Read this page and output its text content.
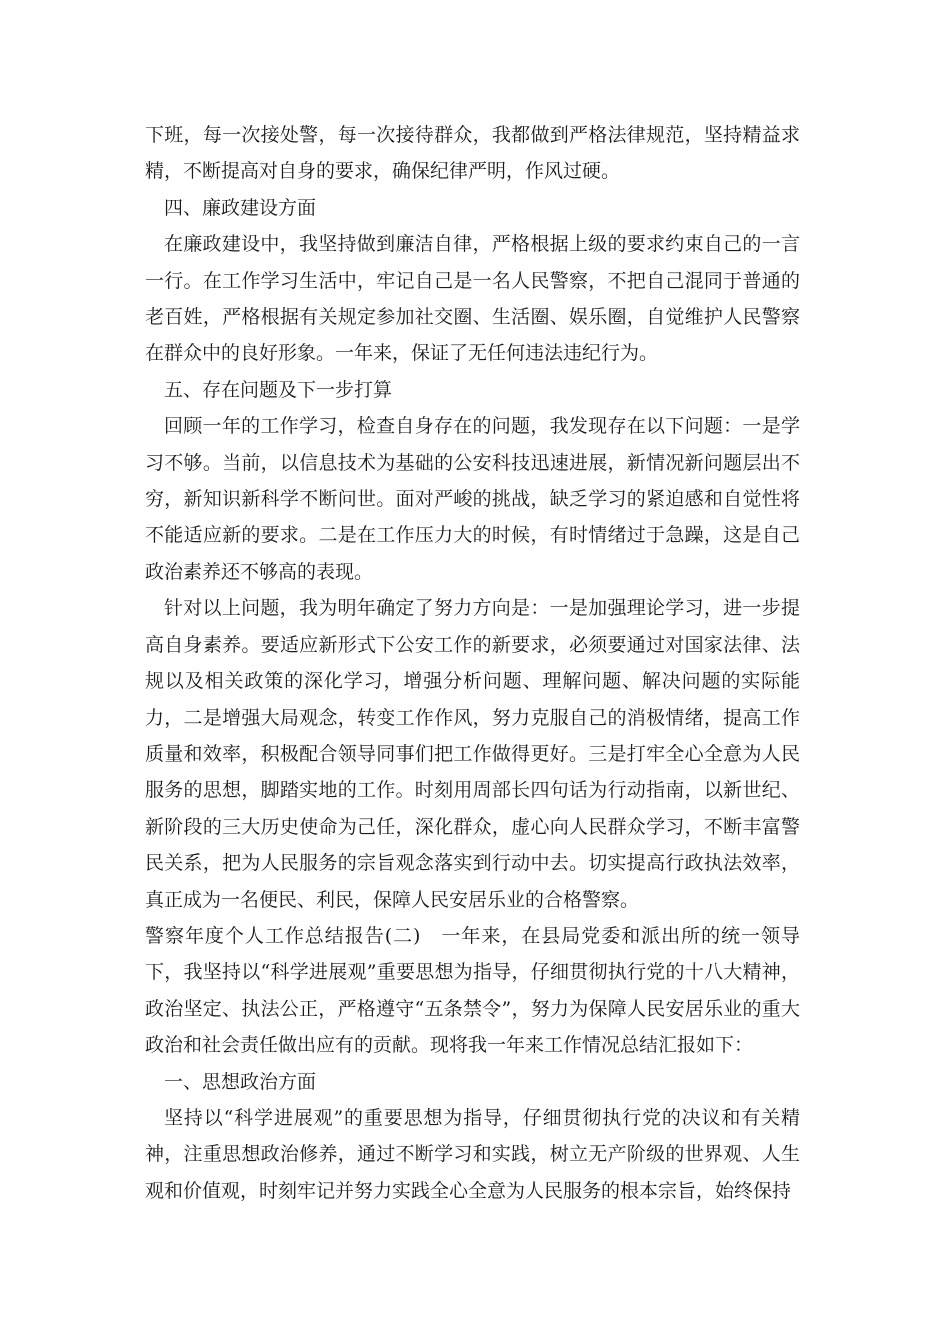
下班，每一次接处警，每一次接待群众，我都做到严格法律规范，坚持精益求精，不断提高对自身的要求，确保纪律严明，作风过硬。

四、廉政建设方面

在廉政建设中，我坚持做到廉洁自律，严格根据上级的要求约束自己的一言一行。在工作学习生活中，牢记自己是一名人民警察，不把自己混同于普通的老百姓，严格根据有关规定参加社交圈、生活圈、娱乐圈，自觉维护人民警察在群众中的良好形象。一年来，保证了无任何违法违纪行为。

五、存在问题及下一步打算

回顾一年的工作学习，检查自身存在的问题，我发现存在以下问题：一是学习不够。当前，以信息技术为基础的公安科技迅速进展，新情况新问题层出不穷，新知识新科学不断问世。面对严峻的挑战，缺乏学习的紧迫感和自觉性将不能适应新的要求。二是在工作压力大的时候，有时情绪过于急躁，这是自己政治素养还不够高的表现。

针对以上问题，我为明年确定了努力方向是：一是加强理论学习，进一步提高自身素养。要适应新形式下公安工作的新要求，必须要通过对国家法律、法规以及相关政策的深化学习，增强分析问题、理解问题、解决问题的实际能力，二是增强大局观念，转变工作作风，努力克服自己的消极情绪，提高工作质量和效率，积极配合领导同事们把工作做得更好。三是打牢全心全意为人民服务的思想，脚踏实地的工作。时刻用周部长四句话为行动指南，以新世纪、新阶段的三大历史使命为己任，深化群众，虚心向人民群众学习，不断丰富警民关系，把为人民服务的宗旨观念落实到行动中去。切实提高行政执法效率，真正成为一名便民、利民，保障人民安居乐业的合格警察。

警察年度个人工作总结报告(二)　一年来，在县局党委和派出所的统一领导下，我坚持以“科学进展观”重要思想为指导，仔细贯彻执行党的十八大精神，政治坚定、执法公正，严格遵守“五条禁令”，努力为保障人民安居乐业的重大政治和社会责任做出应有的贡献。现将我一年来工作情况总结汇报如下：

一、思想政治方面

坚持以“科学进展观”的重要思想为指导，仔细贯彻执行党的决议和有关精神，注重思想政治修养，通过不断学习和实践，树立无产阶级的世界观、人生观和价值观，时刻牢记并努力实践全心全意为人民服务的根本宗旨，始终保持
